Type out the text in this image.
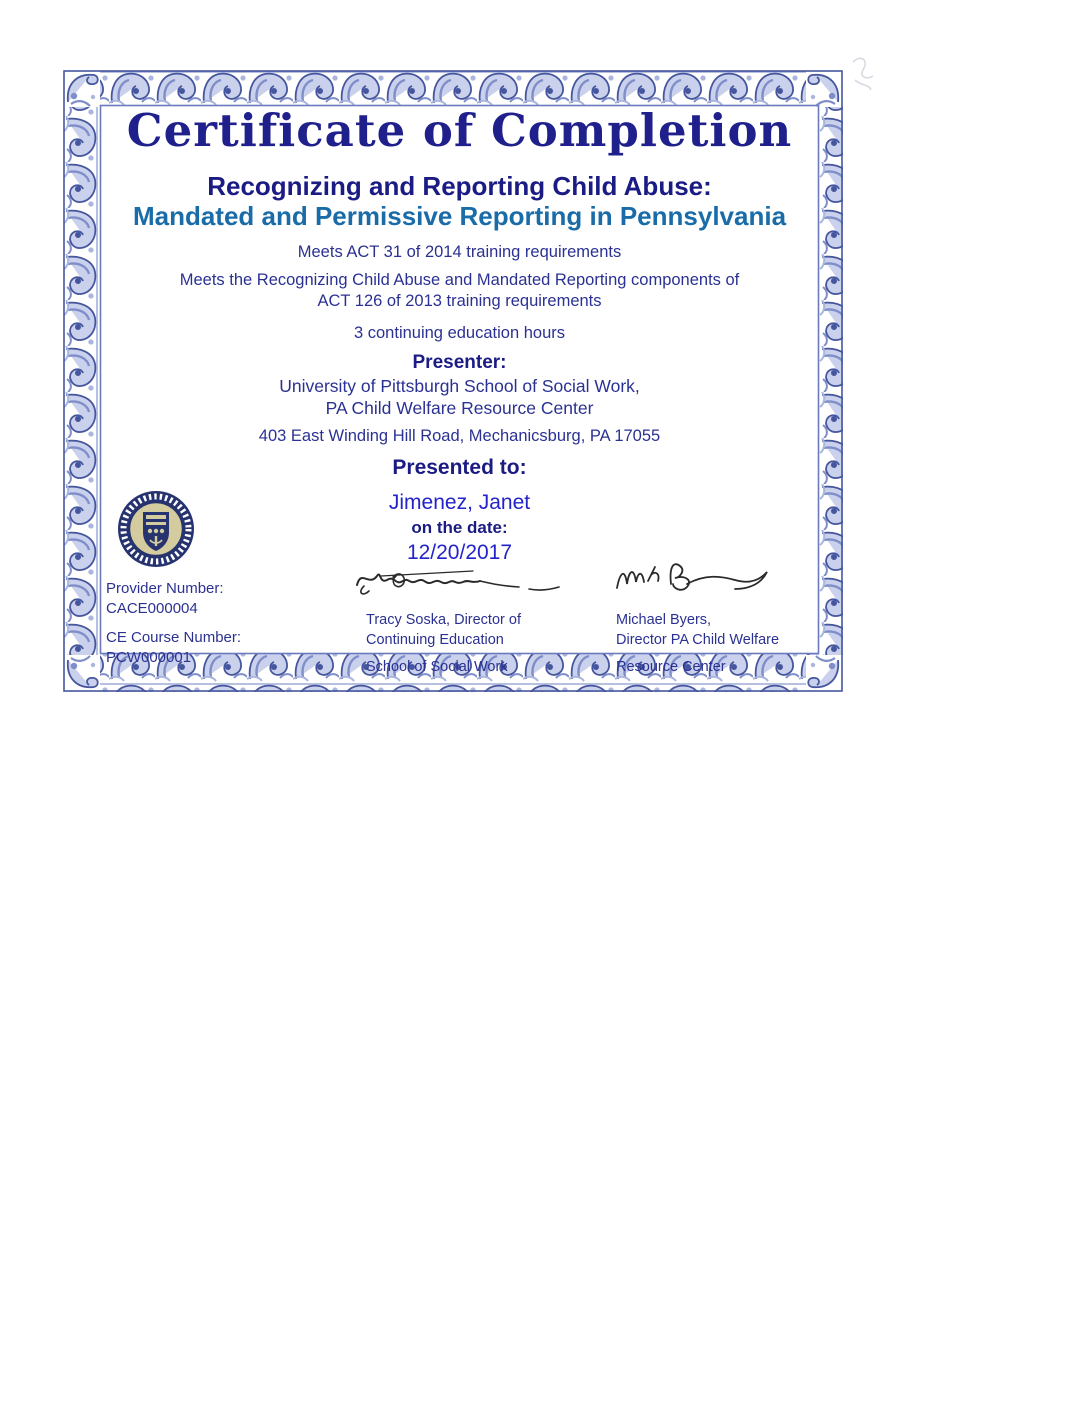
Certificate of Completion
Recognizing and Reporting Child Abuse:
Mandated and Permissive Reporting in Pennsylvania
Meets ACT 31 of 2014 training requirements
Meets the Recognizing Child Abuse and Mandated Reporting components of
ACT 126 of 2013 training requirements
3 continuing education hours
Presenter:
University of Pittsburgh School of Social Work,
PA Child Welfare Resource Center
403 East Winding Hill Road, Mechanicsburg, PA 17055
Presented to:
Jimenez, Janet
on the date:
12/20/2017
Provider Number:
CACE000004
CE Course Number:
PCW000001
Tracy Soska, Director of
Continuing Education
School of Social Work
Michael Byers,
Director PA Child Welfare
Resource Center
